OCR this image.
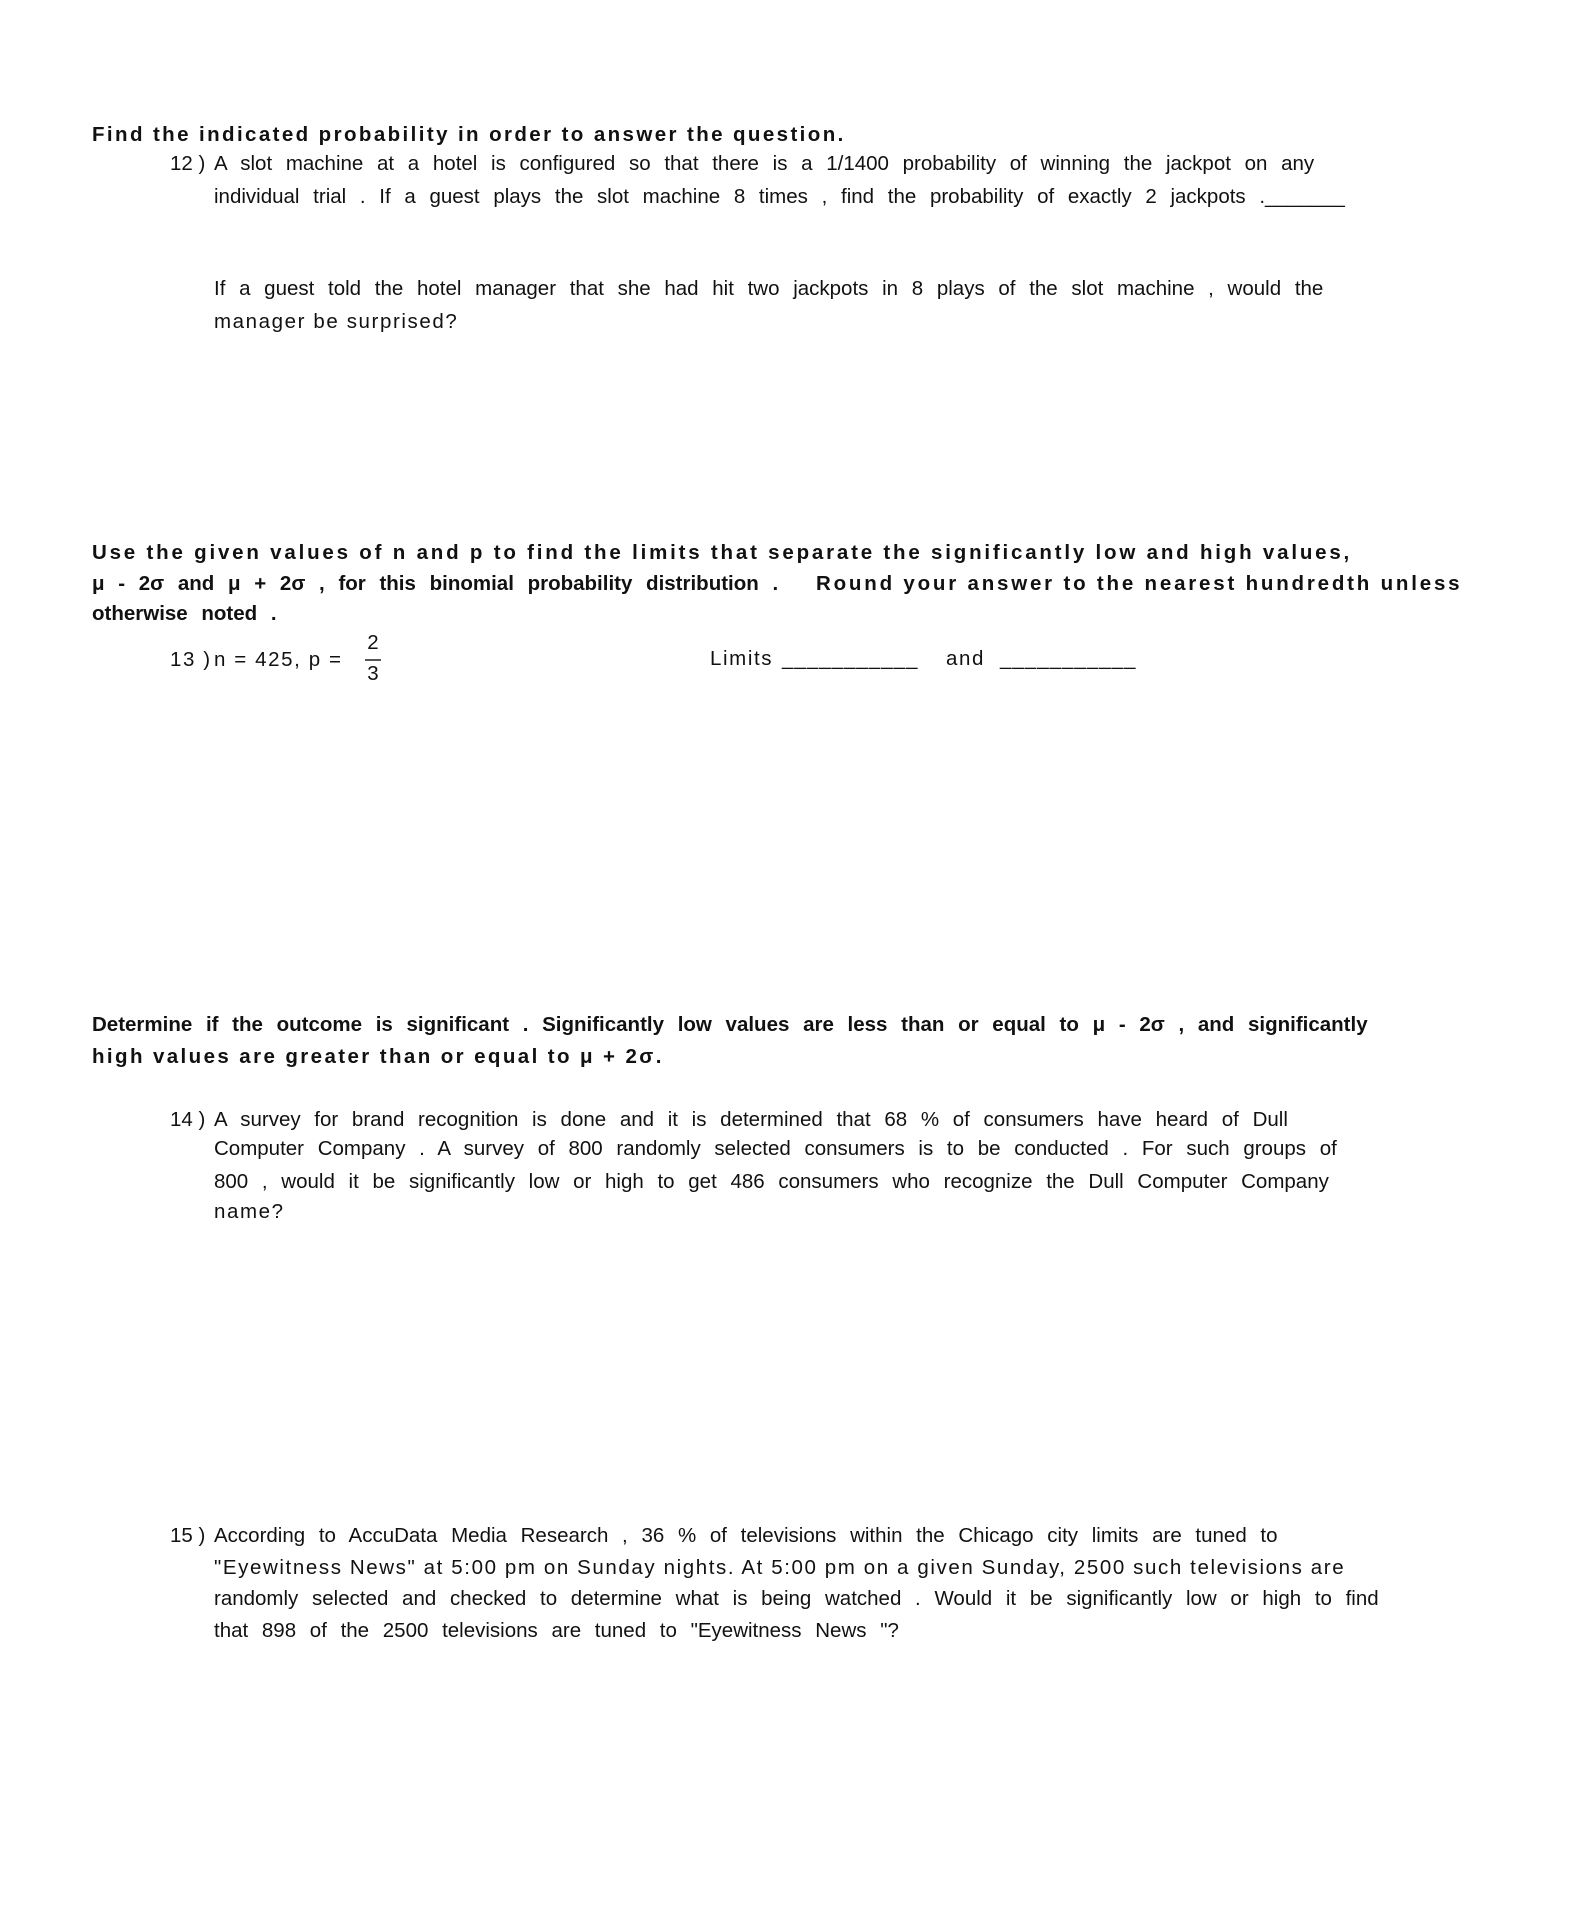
Find the indicated probability in order to answer the question.
12 ) A slot machine at a hotel is configured so that there is a 1/1400 probability of winning the jackpot on any
individual trial . If a guest plays the slot machine 8 times , find the probability of exactly 2 jackpots ._______
If a guest told the hotel manager that she had hit two jackpots in 8 plays of the slot machine , would the
manager be surprised?
Use the given values of n and p to find the limits that separate the significantly low and high values,
μ - 2σ and μ + 2σ , for this binomial probability distribution . Round your answer to the nearest hundredth unless
otherwise noted .
13 ) n = 425, p =
2
3
Limits ___________ and ___________
Determine if the outcome is significant . Significantly low values are less than or equal to μ - 2σ , and significantly
high values are greater than or equal to μ + 2σ.
14 ) A survey for brand recognition is done and it is determined that 68 % of consumers have heard of Dull
Computer Company . A survey of 800 randomly selected consumers is to be conducted . For such groups of
800 , would it be significantly low or high to get 486 consumers who recognize the Dull Computer Company
name?
15 ) According to AccuData Media Research , 36 % of televisions within the Chicago city limits are tuned to
"Eyewitness News" at 5:00 pm on Sunday nights. At 5:00 pm on a given Sunday, 2500 such televisions are
randomly selected and checked to determine what is being watched . Would it be significantly low or high to find
that 898 of the 2500 televisions are tuned to "Eyewitness News "?
